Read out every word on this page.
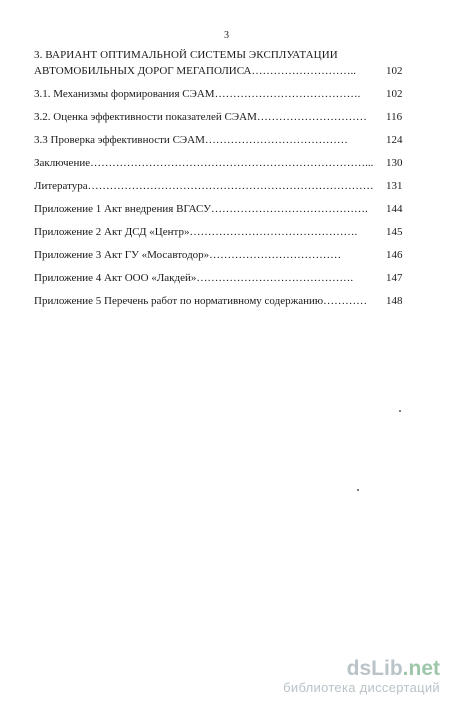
3
3. ВАРИАНТ ОПТИМАЛЬНОЙ СИСТЕМЫ ЭКСПЛУАТАЦИИ
АВТОМОБИЛЬНЫХ ДОРОГ МЕГАПОЛИСА………………………..	102
3.1. Механизмы формирования СЭАМ…………………………………. 102
3.2. Оценка эффективности показателей СЭАМ………………………… 116
3.3 Проверка эффективности СЭАМ…………………………………	124
Заключение…………………………………………………………………... 130
Литература…………………………………………………………………… 131
Приложение 1 Акт внедрения ВГАСУ……………………………………. 144
Приложение 2 Акт ДСД «Центр»……………………………………….	145
Приложение 3 Акт ГУ «Мосавтодор»………………………………	146
Приложение 4 Акт ООО «Лакдей»…………………………………….	147
Приложение 5 Перечень работ по нормативному содержанию………… 148
dsLib.net
библиотека диссертаций
